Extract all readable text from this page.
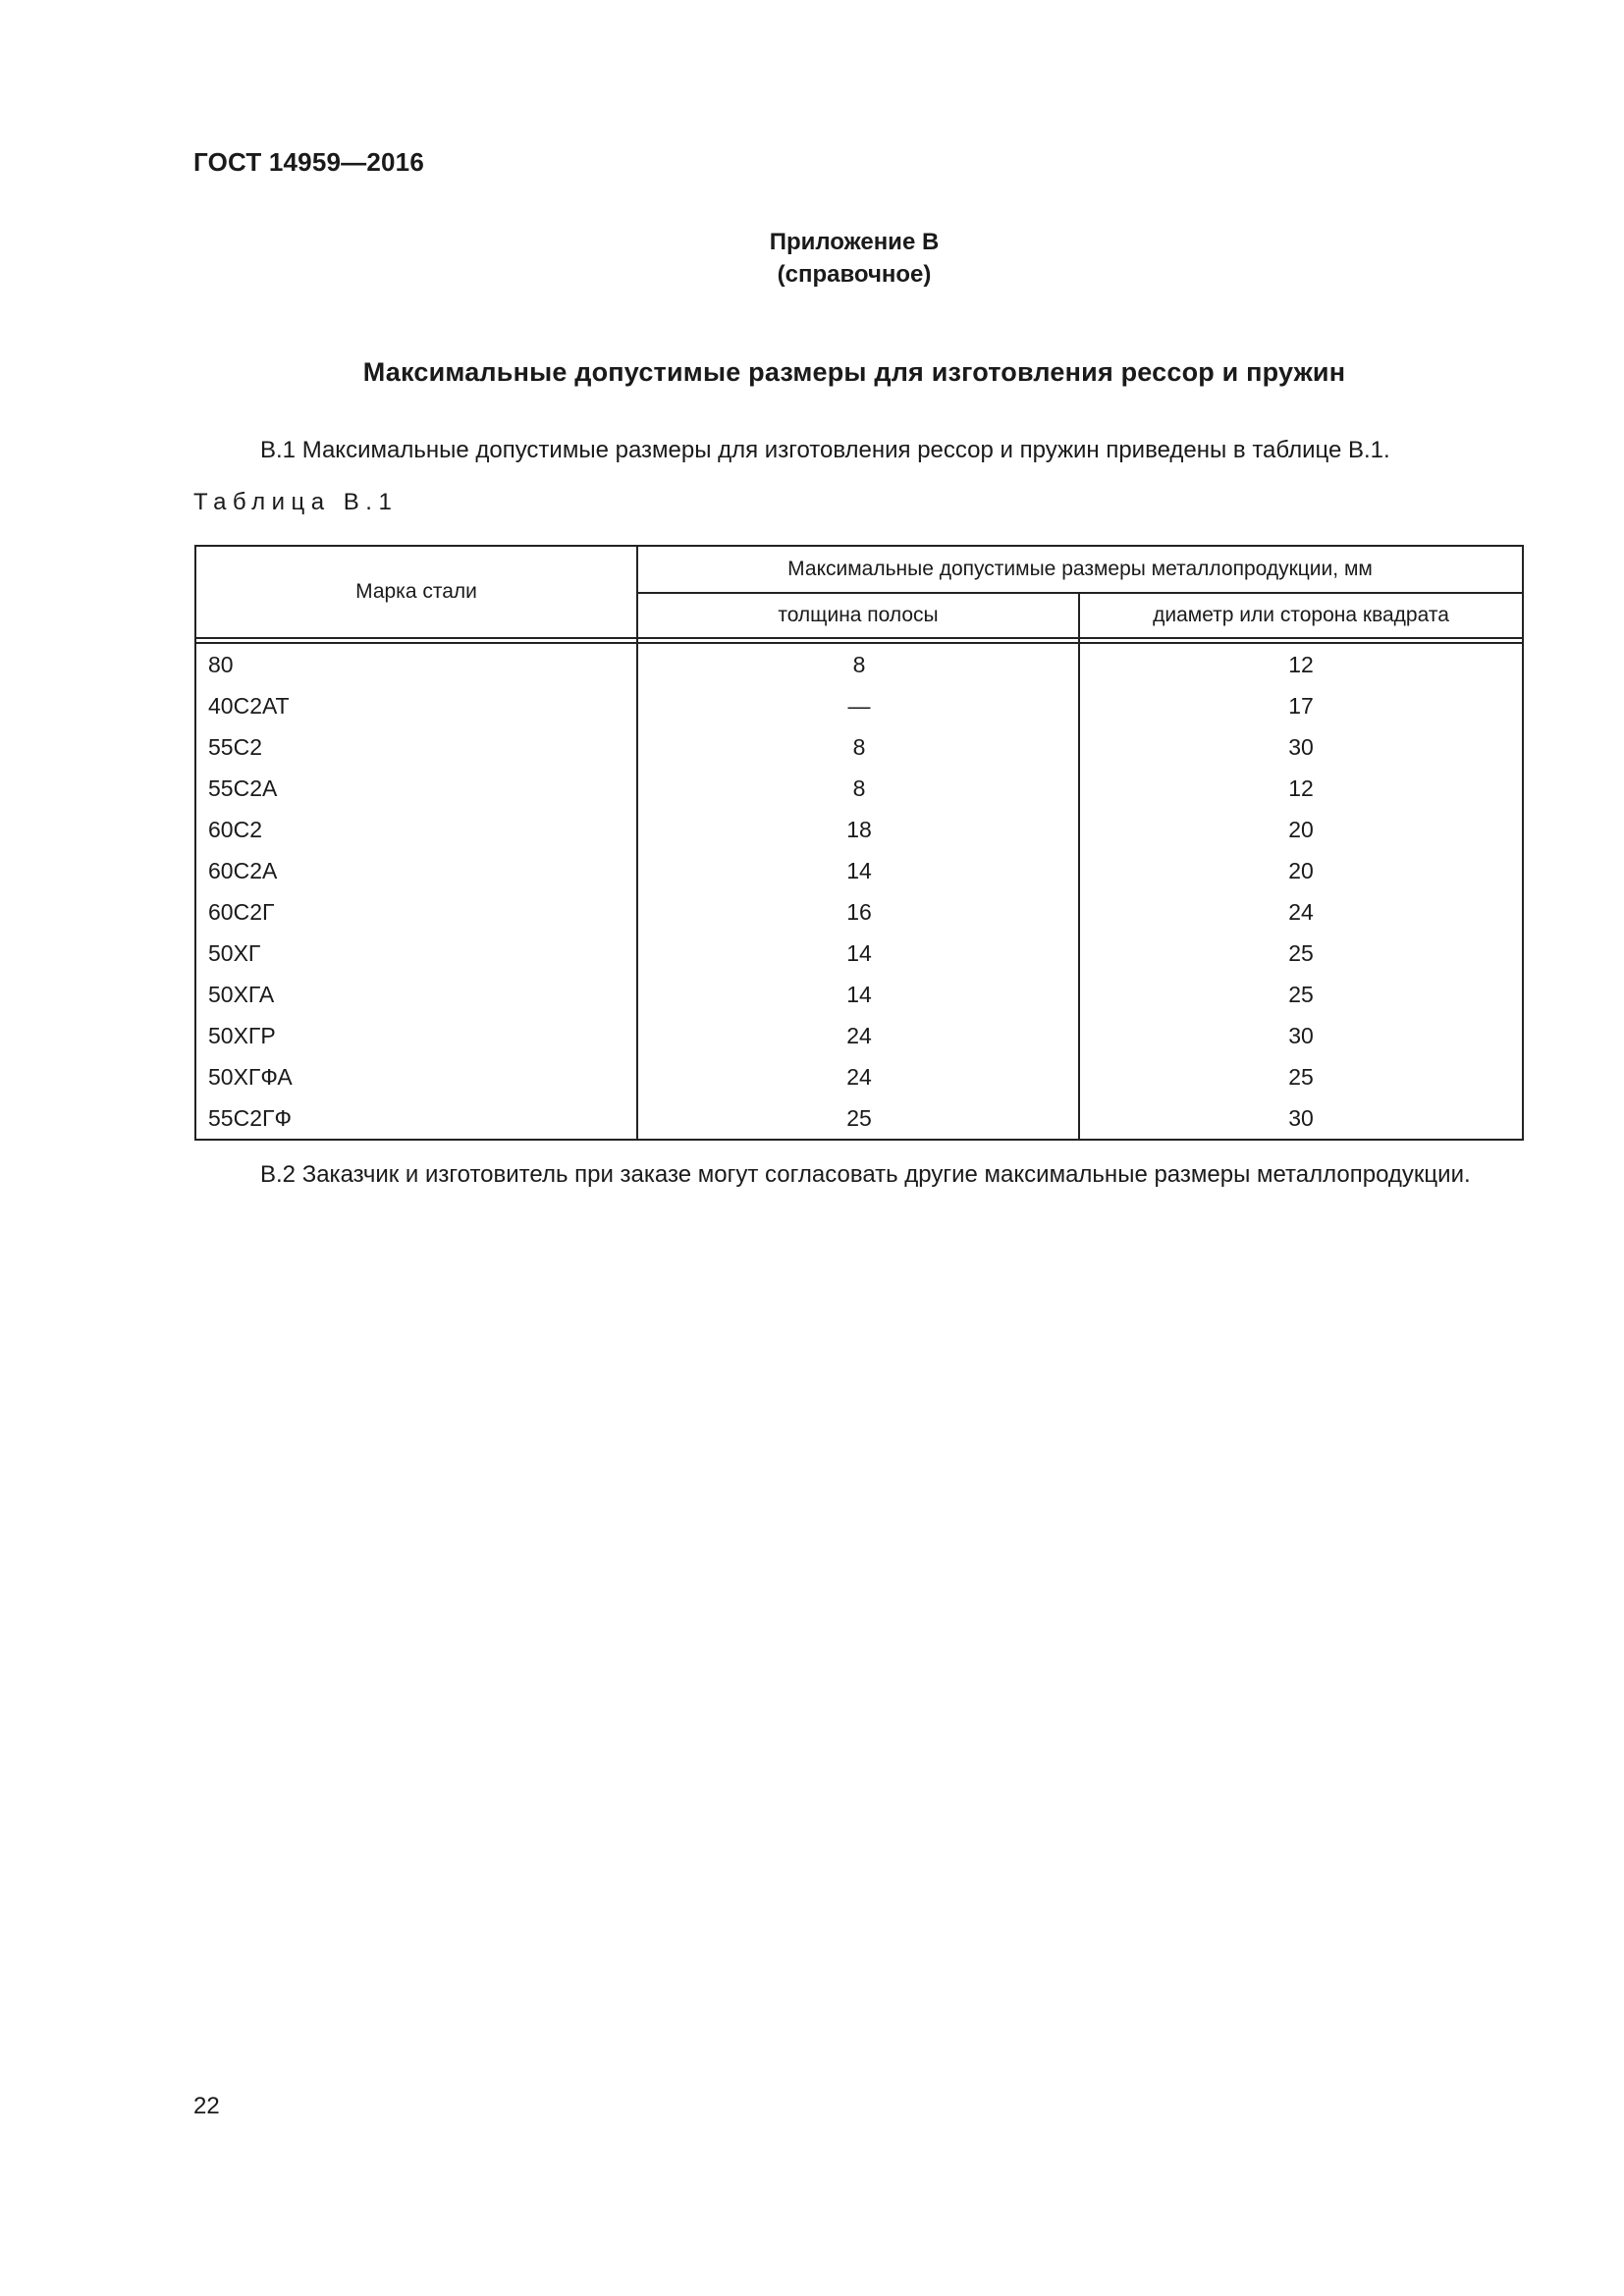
ГОСТ 14959—2016
Приложение В
(справочное)
Максимальные допустимые размеры для изготовления рессор и пружин
В.1 Максимальные допустимые размеры для изготовления рессор и пружин приведены в таблице В.1.
Таблица В.1
Марка стали
Максимальные допустимые размеры металлопродукции, мм
толщина полосы	диаметр или сторона квадрата
80	8	12
40С2АТ	—	17
55С2	8	30
55С2А	8	12
60С2	18	20
60С2А	14	20
60С2Г	16	24
50ХГ	14	25
50ХГА	14	25
50ХГР	24	30
50ХГФА	24	25
55С2ГФ	25	30
В.2 Заказчик и изготовитель при заказе могут согласовать другие максимальные размеры металлопродукции.
22
